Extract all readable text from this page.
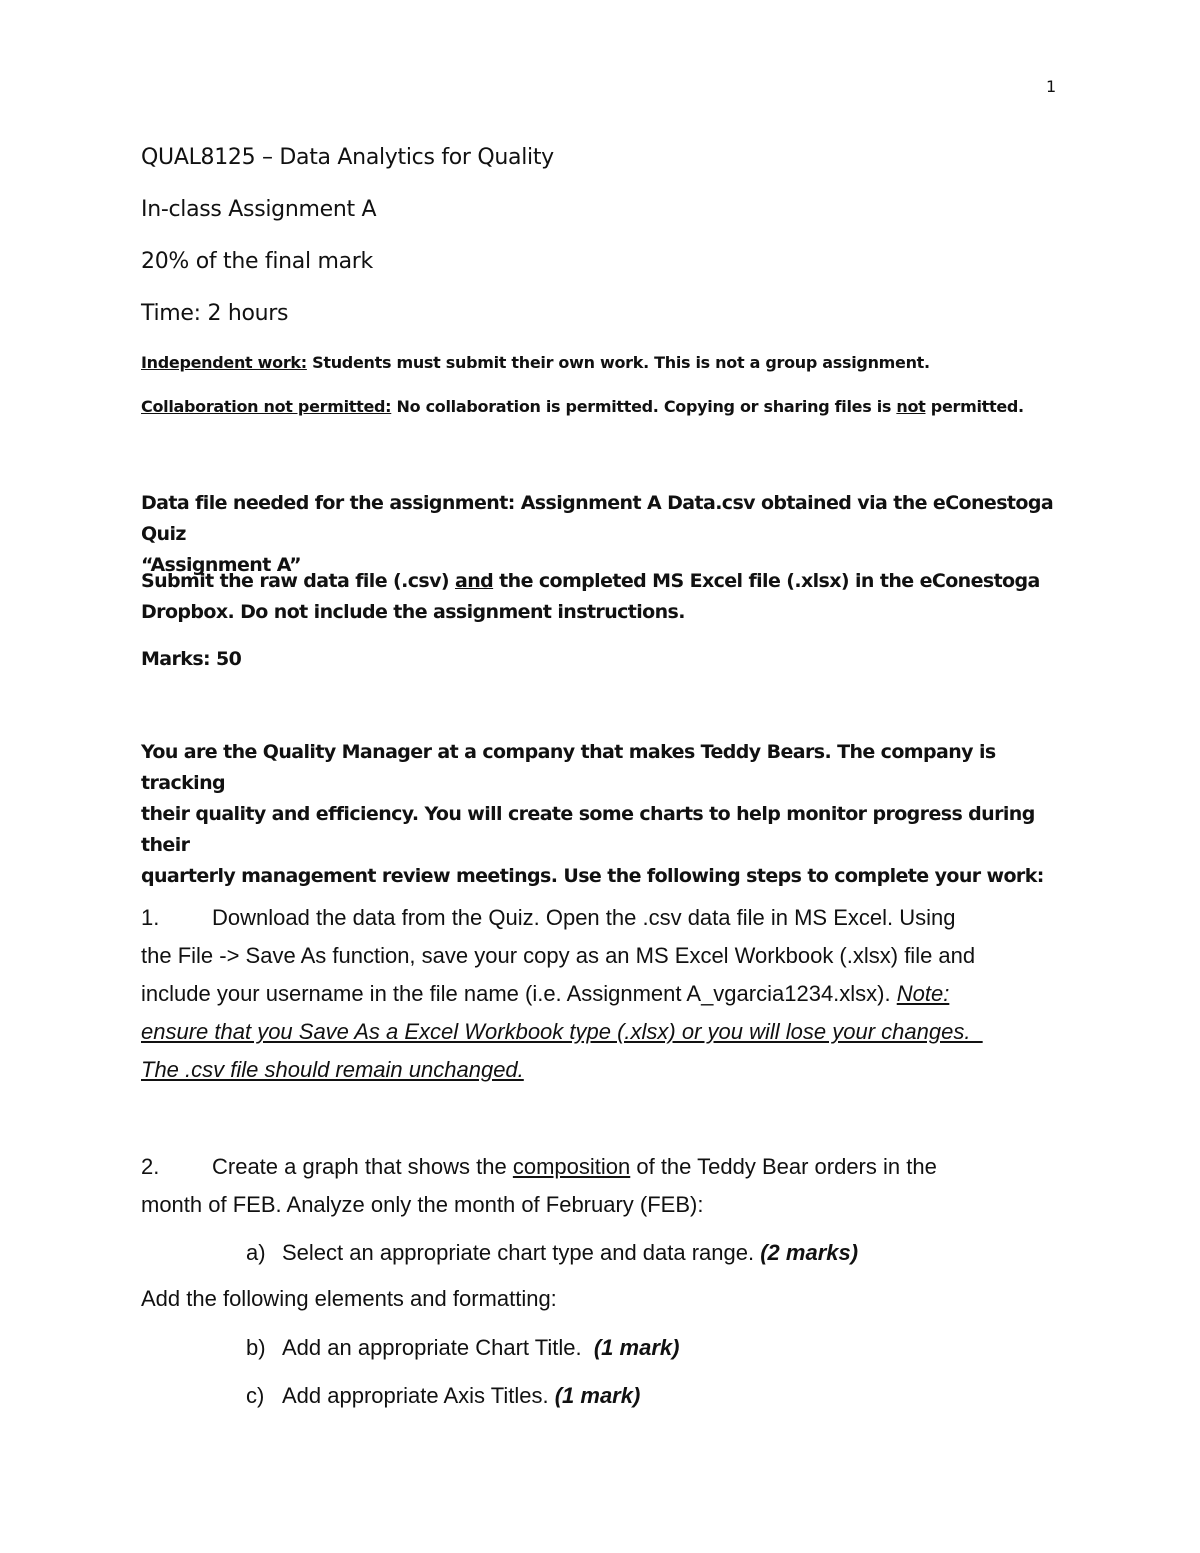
1

QUAL8125 – Data Analytics for Quality

In-class Assignment A

20% of the final mark

Time: 2 hours

Independent work: Students must submit their own work. This is not a group assignment.

Collaboration not permitted: No collaboration is permitted. Copying or sharing files is not permitted.

Data file needed for the assignment: Assignment A Data.csv obtained via the eConestoga Quiz
“Assignment A”
Submit the raw data file (.csv) and the completed MS Excel file (.xlsx) in the eConestoga
Dropbox. Do not include the assignment instructions.
Marks: 50
You are the Quality Manager at a company that makes Teddy Bears. The company is tracking
their quality and efficiency. You will create some charts to help monitor progress during their
quarterly management review meetings. Use the following steps to complete your work:
1. Download the data from the Quiz. Open the .csv data file in MS Excel. Using
the File -> Save As function, save your copy as an MS Excel Workbook (.xlsx) file and
include your username in the file name (i.e. Assignment A_vgarcia1234.xlsx). Note:
ensure that you Save As a Excel Workbook type (.xlsx) or you will lose your changes.
The .csv file should remain unchanged.
2. Create a graph that shows the composition of the Teddy Bear orders in the
month of FEB. Analyze only the month of February (FEB):

a) Select an appropriate chart type and data range. (2 marks)

Add the following elements and formatting:

b) Add an appropriate Chart Title.  (1 mark)

c) Add appropriate Axis Titles. (1 mark)
